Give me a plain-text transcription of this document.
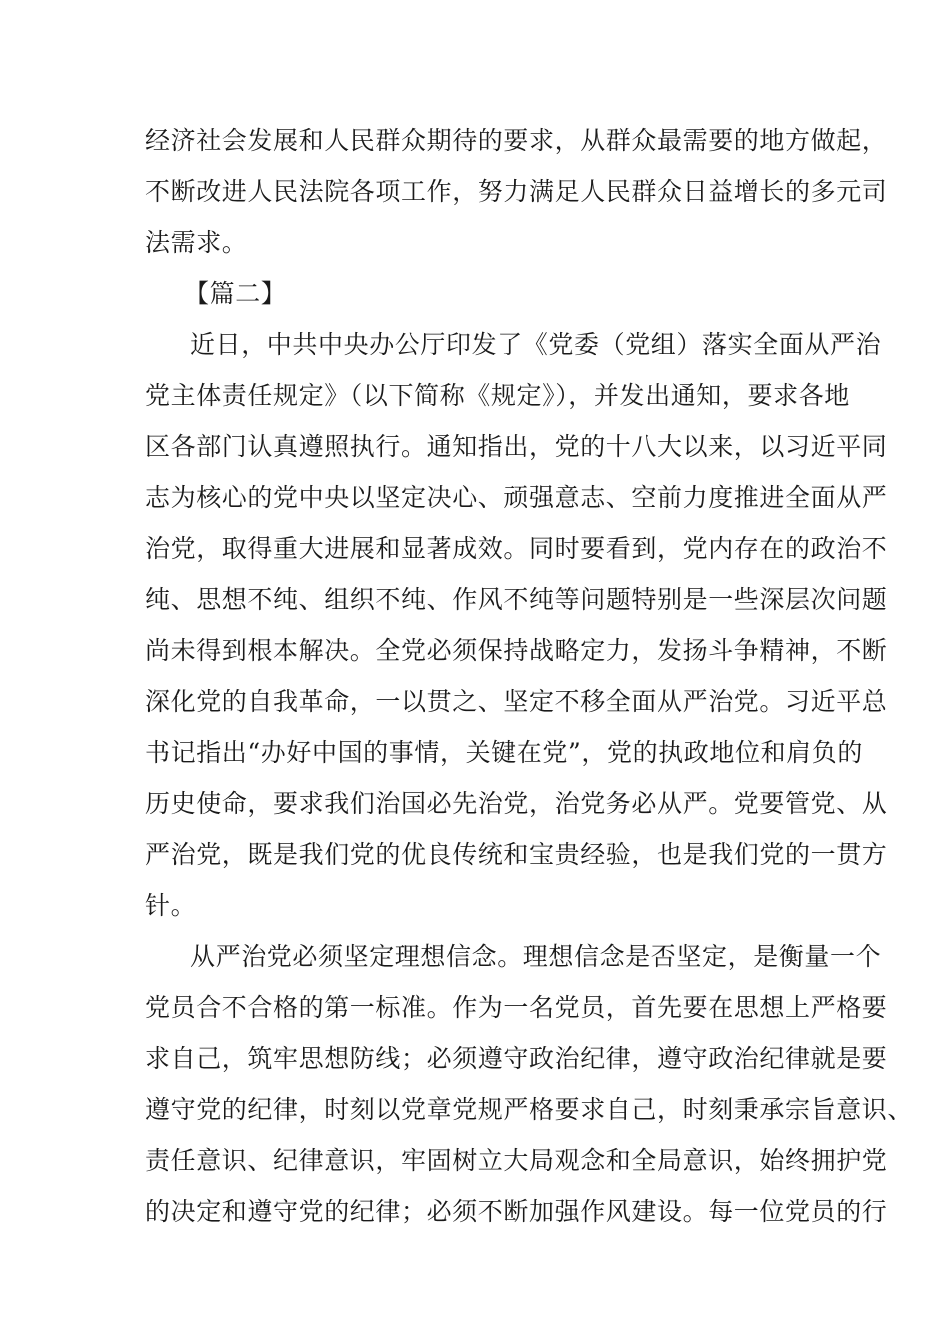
经济社会发展和人民群众期待的要求，从群众最需要的地方做起，
不断改进人民法院各项工作，努力满足人民群众日益增长的多元司
法需求。
【篇二】
近日，中共中央办公厅印发了《党委（党组）落实全面从严治
党主体责任规定》（以下简称《规定》），并发出通知，要求各地
区各部门认真遵照执行。通知指出，党的十八大以来，以习近平同
志为核心的党中央以坚定决心、顽强意志、空前力度推进全面从严
治党，取得重大进展和显著成效。同时要看到，党内存在的政治不
纯、思想不纯、组织不纯、作风不纯等问题特别是一些深层次问题
尚未得到根本解决。全党必须保持战略定力，发扬斗争精神，不断
深化党的自我革命，一以贯之、坚定不移全面从严治党。习近平总
书记指出“办好中国的事情，关键在党”，党的执政地位和肩负的
历史使命，要求我们治国必先治党，治党务必从严。党要管党、从
严治党，既是我们党的优良传统和宝贵经验，也是我们党的一贯方
针。
从严治党必须坚定理想信念。理想信念是否坚定，是衡量一个
党员合不合格的第一标准。作为一名党员，首先要在思想上严格要
求自己，筑牢思想防线；必须遵守政治纪律，遵守政治纪律就是要
遵守党的纪律，时刻以党章党规严格要求自己，时刻秉承宗旨意识、
责任意识、纪律意识，牢固树立大局观念和全局意识，始终拥护党
的决定和遵守党的纪律；必须不断加强作风建设。每一位党员的行
